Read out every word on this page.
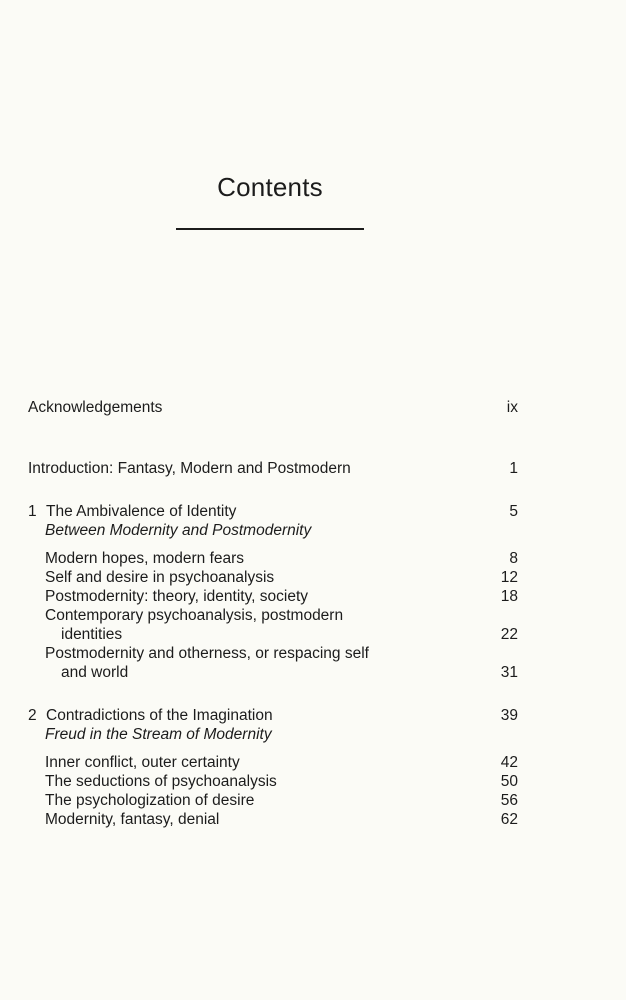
Contents
Acknowledgements	ix
Introduction: Fantasy, Modern and Postmodern	1
1 The Ambivalence of Identity	5
Between Modernity and Postmodernity
Modern hopes, modern fears	8
Self and desire in psychoanalysis	12
Postmodernity: theory, identity, society	18
Contemporary psychoanalysis, postmodern
identities	22
Postmodernity and otherness, or respacing self
and world	31
2 Contradictions of the Imagination	39
Freud in the Stream of Modernity
Inner conflict, outer certainty	42
The seductions of psychoanalysis	50
The psychologization of desire	56
Modernity, fantasy, denial	62
